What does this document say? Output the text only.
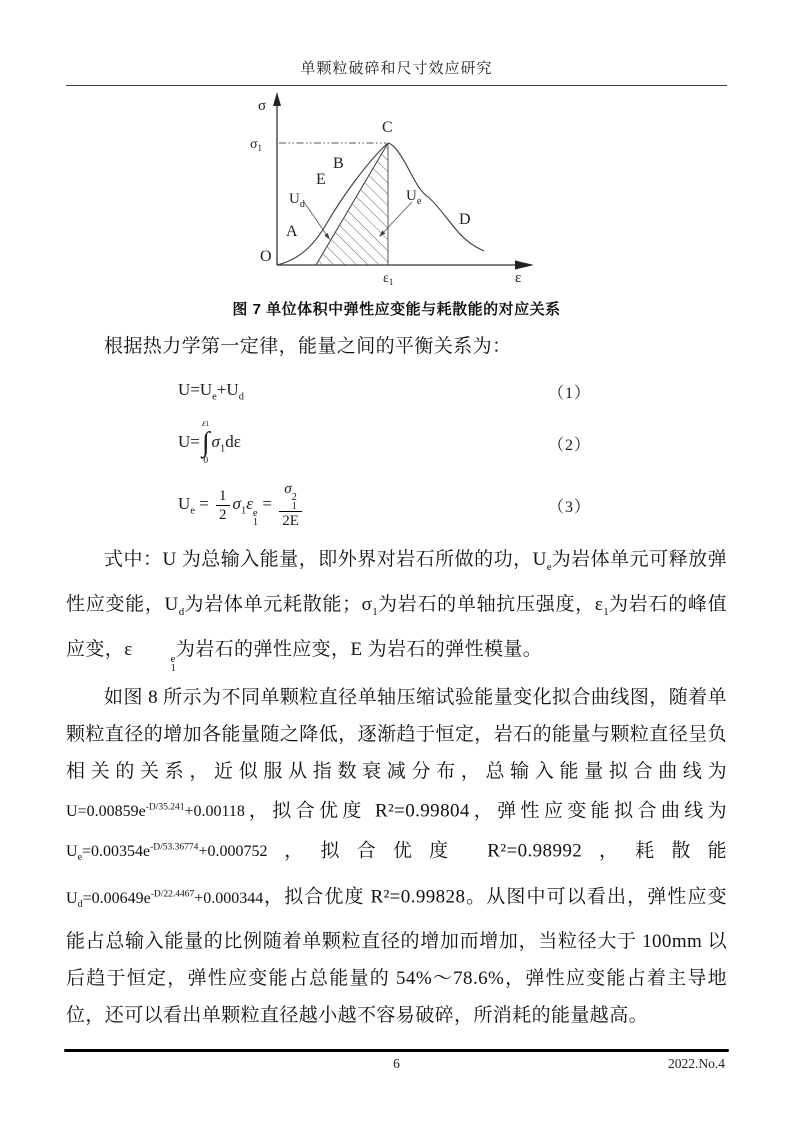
单颗粒破碎和尺寸效应研究
σ
$\sigma_1$
C
B
E
$U_d$
A
$U_e$
D
O
$\varepsilon_1$	ε
图 7 单位体积中弹性应变能与耗散能的对应关系

根据热力学第一定律，能量之间的平衡关系为：

$U=U_e+U_d$	（1）
U=
ε1
∫
0
$\sigma_1d\varepsilon$	（2）
$U_e = \frac{1}{2} \sigma_1\varepsilon$
e
1
= σ
2
1
2E	（3）

式中：U 为总输入能量，即外界对岩石所做的功，$U_e$为岩体单元可释放弹性应变能，$U_d$为岩体单元耗散能；$\sigma_1$为岩石的单轴抗压强度，$\varepsilon_1$为岩石的峰值应变，ε	e
1
为岩石的弹性应变，E 为岩石的弹性模量。

如图 8 所示为不同单颗粒直径单轴压缩试验能量变化拟合曲线图，随着单颗粒直径的增加各能量随之降低，逐渐趋于恒定，岩石的能量与颗粒直径呈负相关的关系，近似服从指数衰减分布，总输入能量拟合曲线为$U=0.00859e^{-D/35.241}+0.00118$，拟合优度 R²=0.99804，弹性应变能拟合曲线为$U_e=0.00354e^{-D/53.36774}+0.000752$，拟合优度 R²=0.98992，耗散能$U_d=0.00649e^{-D/22.4467}+0.000344$，拟合优度 R²=0.99828。从图中可以看出，弹性应变能占总输入能量的比例随着单颗粒直径的增加而增加，当粒径大于 100mm 以后趋于恒定，弹性应变能占总能量的 54%～78.6%，弹性应变能占着主导地位，还可以看出单颗粒直径越小越不容易破碎，所消耗的能量越高。

6	2022.No.4
